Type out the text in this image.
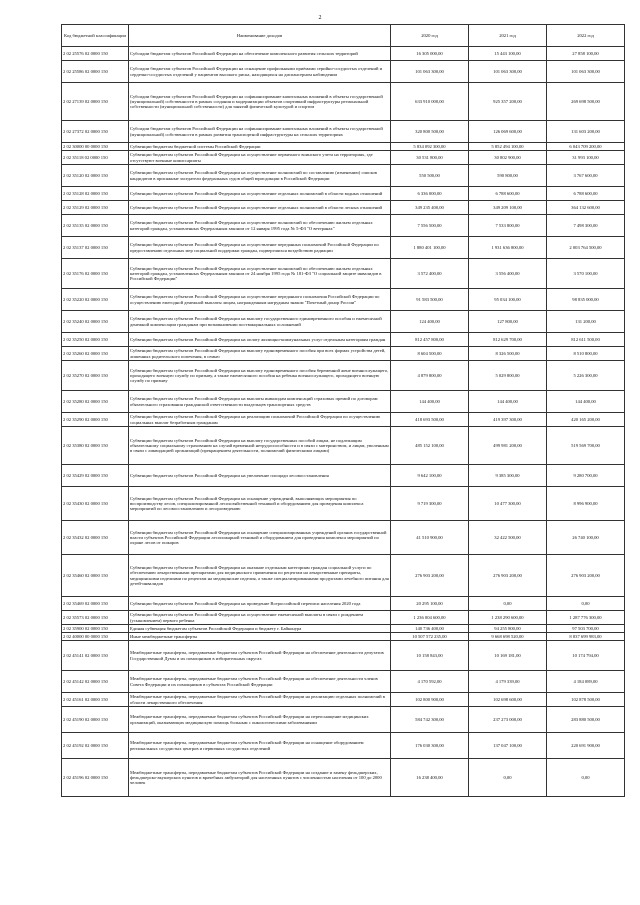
2
Код бюджетной классификации	Наименование доходов	2020 год	2021 год	2022 год
2 02 25576 02 0000 150	Субсидии бюджетам субъектов Российской Федерации на обеспечение комплексного развития сельских территорий	16 305 000,00	15 443 100,00	27 858 100,00
2 02 25586 02 0000 150	Субсидии бюджетам субъектов Российской Федерации на оснащение профильными приёмами серийно-сосудистых отделений и сердечно-сосудистых отделений у пациентов высокого риска, находящихся на диспансерном наблюдении	101 063 300,00	101 063 300,00	101 063 300,00
2 02 27139 02 0000 150	Субсидии бюджетам субъектов Российской Федерации на софинансирование капитальных вложений в объекты государственной (муниципальной) собственности в рамках создания и модернизации объектов спортивной инфраструктуры региональной собственности (муниципальной собственности) для занятий физической культурой и спортом	633 910 000,00	925 357 200,00	269 698 500,00
2 02 27372 02 0000 150	Субсидии бюджетам субъектов Российской Федерации на софинансирование капитальных вложений в объекты государственной (муниципальной) собственности в рамках развития транспортной инфраструктуры на сельских территориях	320 800 500,00	126 069 600,00	131 603 200,00
2 02 30000 00 0000 150	Субвенции бюджетам бюджетной системы Российской Федерации	5 834 092 300,00	5 852 494 100,00	6 043 709 200,00
2 02 35118 02 0000 150	Субвенции бюджетам субъектов Российской Федерации на осуществление первичного воинского учета на территориях, где отсутствуют военные комиссариаты	30 531 800,00	30 802 900,00	31 993 100,00
2 02 35120 02 0000 150	Субвенции бюджетам субъектов Российской Федерации на осуществление полномочий по составлению (изменению) списков кандидатов в присяжные заседатели федеральных судов общей юрисдикции в Российской Федерации	550 500,00	590 800,00	3 767 600,00
2 02 35128 02 0000 150	Субвенции бюджетам субъектов Российской Федерации на осуществление отдельных полномочий в области водных отношений	6 336 000,00	6 788 600,00	6 788 600,00
2 02 35129 02 0000 150	Субвенции бюджетам субъектов Российской Федерации на осуществление отдельных полномочий в области лесных отношений	349 235 400,00	349 209 100,00	364 132 600,00
2 02 35135 02 0000 150	Субвенции бюджетам субъектов Российской Федерации на осуществление полномочий по обеспечению жильем отдельных категорий граждан, установленных Федеральным законом от 12 января 1995 года № 5-ФЗ "О ветеранах"	7 556 500,00	7 533 800,00	7 498 300,00
2 02 35137 02 0000 150	Субвенции бюджетам субъектов Российской Федерации на осуществление переданных полномочий Российской Федерации по предоставлению отдельных мер социальной поддержки граждан, подвергшихся воздействию радиации	1 880 401 100,00	1 931 636 800,00	2 003 764 500,00
2 02 35176 02 0000 150	Субвенции бюджетам субъектов Российской Федерации на осуществление полномочий по обеспечению жильем отдельных категорий граждан, установленных Федеральным законом от 24 ноября 1995 года № 181-ФЗ "О социальной защите инвалидов в Российской Федерации"	3 572 400,00	3 556 400,00	3 570 100,00
2 02 35220 02 0000 150	Субвенции бюджетам субъектов Российской Федерации на осуществление переданного полномочия Российской Федерации по осуществлению ежегодной денежной выплаты лицам, награжденным нагрудным знаком "Почетный донор России"	91 583 500,00	95 034 100,00	98 835 000,00
2 02 35240 02 0000 150	Субвенции бюджетам субъектов Российской Федерации на выплату государственного единовременного пособия и ежемесячной денежной компенсации гражданам при возникновении поствакцинальных осложнений	124 400,00	127 800,00	131 200,00
2 02 35250 02 0000 150	Субвенции бюджетам субъектов Российской Федерации на оплату жилищно-коммунальных услуг отдельным категориям граждан	812 457 800,00	812 629 700,00	812 611 500,00
2 02 35260 02 0000 150	Субвенции бюджетам субъектов Российской Федерации на выплату единовременного пособия при всех формах устройства детей, лишенных родительского попечения, в семью	8 604 500,00	8 326 500,00	8 510 800,00
2 02 35270 02 0000 150	Субвенции бюджетам субъектов Российской Федерации на выплату единовременного пособия беременной жене военнослужащего, проходящего военную службу по призыву, а также ежемесячного пособия на ребенка военнослужащего, проходящего военную службу по призыву	4 879 800,00	5 029 800,00	5 226 300,00
2 02 35280 02 0000 150	Субвенции бюджетам субъектов Российской Федерации на выплаты инвалидам компенсаций страховых премий по договорам обязательного страхования гражданской ответственности владельцев транспортных средств	144 400,00	144 400,00	144 400,00
2 02 35290 02 0000 150	Субвенции бюджетам субъектов Российской Федерации на реализацию полномочий Российской Федерации по осуществлению социальных выплат безработным гражданам	418 693 500,00	419 397 300,00	420 165 200,00
2 02 35380 02 0000 150	Субвенции бюджетам субъектов Российской Федерации на выплату государственных пособий лицам, не подлежащим обязательному социальному страхованию на случай временной нетрудоспособности и в связи с материнством, и лицам, уволенным в связи с ликвидацией организаций (прекращением деятельности, полномочий физическими лицами)	485 152 100,00	499 981 200,00	519 569 700,00
2 02 35429 02 0000 150	Субвенции бюджетам субъектов Российской Федерации на увеличение площади лесовосстановления	9 642 100,00	9 385 300,00	9 280 700,00
2 02 35430 02 0000 150	Субвенции бюджетам субъектов Российской Федерации на оснащение учреждений, выполняющих мероприятия по воспроизводству лесов, специализированной лесохозяйственной техникой и оборудованием для проведения комплекса мероприятий по лесовосстановлению и лесоразведению	9 719 300,00	10 477 300,00	8 996 900,00
2 02 35432 02 0000 150	Субвенции бюджетам субъектов Российской Федерации на оснащение специализированных учреждений органов государственной власти субъектов Российской Федерации лесопожарной техникой и оборудованием для проведения комплекса мероприятий по охране лесов от пожаров	41 510 900,00	32 422 500,00	26 740 100,00
2 02 35460 02 0000 150	Субвенции бюджетам субъектов Российской Федерации на оказание отдельным категориям граждан социальной услуги по обеспечению лекарственными препаратами для медицинского применения по рецептам на лекарственные препараты, медицинскими изделиями по рецептам на медицинские изделия, а также специализированными продуктами лечебного питания для детей-инвалидов	276 903 200,00	276 903 200,00	276 903 200,00
2 02 35469 02 0000 150	Субвенции бюджетам субъектов Российской Федерации на проведение Всероссийской переписи населения 2020 года	20 295 100,00	0,00	0,00
2 02 35573 02 0000 150	Субвенции бюджетам субъектов Российской Федерации на осуществление ежемесячной выплаты в связи с рождением (усыновлением) первого ребенка	1 236 004 600,00	1 238 290 600,00	1 287 776 300,00
2 02 35900 02 0000 150	Единая субвенция бюджетам субъектов Российской Федерации и бюджету г. Байконура	140 736 400,00	94 255 800,00	97 503 700,00
2 02 40000 00 0000 150	Иные межбюджетные трансферты	10 507 572 235,00	9 668 698 520,00	8 837 699 983,00
2 02 45141 02 0000 150	Межбюджетные трансферты, передаваемые бюджетам субъектов Российской Федерации на обеспечение деятельности депутатов Государственной Думы и их помощников в избирательных округах	10 158 843,00	10 169 181,00	10 174 794,00
2 02 45142 02 0000 150	Межбюджетные трансферты, передаваемые бюджетам субъектов Российской Федерации на обеспечение деятельности членов Совета Федерации и их помощников в субъектах Российской Федерации	4 170 592,00	4 179 339,00	4 184 089,00
2 02 45161 02 0000 150	Межбюджетные трансферты, передаваемые бюджетам субъектов Российской Федерации на реализацию отдельных полномочий в области лекарственного обеспечения	102 800 900,00	102 698 600,00	102 878 500,00
2 02 45190 02 0000 150	Межбюджетные трансферты, передаваемые бюджетам субъектов Российской Федерации на переоснащение медицинских организаций, оказывающих медицинскую помощь больным с онкологическими заболеваниями	584 742 300,00	237 273 000,00	283 880 500,00
2 02 45192 02 0000 150	Межбюджетные трансферты, передаваемые бюджетам субъектов Российской Федерации на оснащение оборудованием региональных сосудистых центров и первичных сосудистых отделений	176 030 300,00	137 047 100,00	220 691 900,00
2 02 45196 02 0000 150	Межбюджетные трансферты, передаваемые бюджетам субъектов Российской Федерации на создание и замену фельдшерских, фельдшерско-акушерских пунктов и врачебных амбулаторий для населенных пунктов с численностью населения от 100 до 2000 человек	16 238 400,00	0,00	0,00
